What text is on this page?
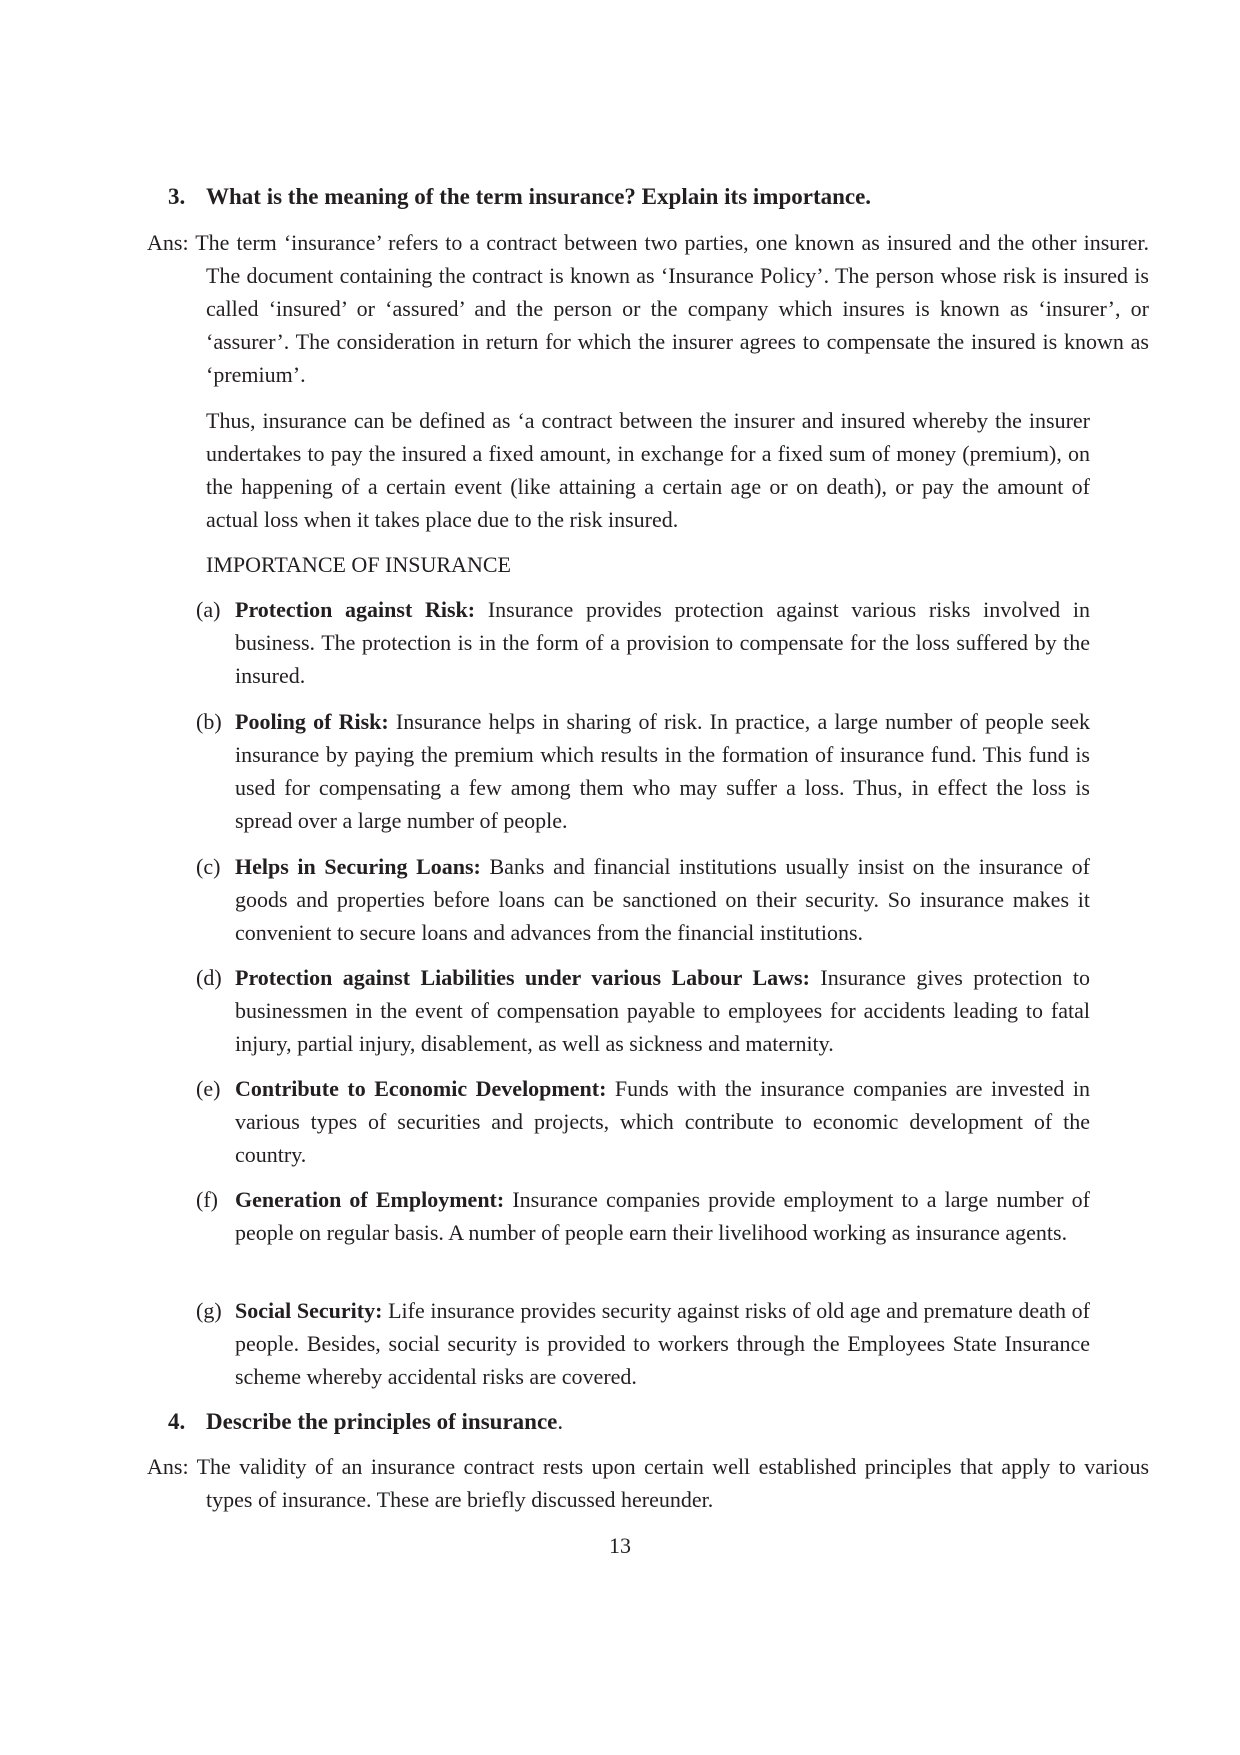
3. What is the meaning of the term insurance? Explain its importance.
Ans: The term ‘insurance’ refers to a contract between two parties, one known as insured and the other insurer. The document containing the contract is known as ‘Insurance Policy’. The person whose risk is insured is called ‘insured’ or ‘assured’ and the person or the company which insures is known as ‘insurer’, or ‘assurer’. The consideration in return for which the insurer agrees to compensate the insured is known as ‘premium’.
Thus, insurance can be defined as ‘a contract between the insurer and insured whereby the insurer undertakes to pay the insured a fixed amount, in exchange for a fixed sum of money (premium), on the happening of a certain event (like attaining a certain age or on death), or pay the amount of actual loss when it takes place due to the risk insured.
IMPORTANCE OF INSURANCE
(a) Protection against Risk: Insurance provides protection against various risks involved in business. The protection is in the form of a provision to compensate for the loss suffered by the insured.
(b) Pooling of Risk: Insurance helps in sharing of risk. In practice, a large number of people seek insurance by paying the premium which results in the formation of insurance fund. This fund is used for compensating a few among them who may suffer a loss. Thus, in effect the loss is spread over a large number of people.
(c) Helps in Securing Loans: Banks and financial institutions usually insist on the insurance of goods and properties before loans can be sanctioned on their security. So insurance makes it convenient to secure loans and advances from the financial institutions.
(d) Protection against Liabilities under various Labour Laws: Insurance gives protection to businessmen in the event of compensation payable to employees for accidents leading to fatal injury, partial injury, disablement, as well as sickness and maternity.
(e) Contribute to Economic Development: Funds with the insurance companies are invested in various types of securities and projects, which contribute to economic development of the country.
(f) Generation of Employment: Insurance companies provide employment to a large number of people on regular basis. A number of people earn their livelihood working as insurance agents.
(g) Social Security: Life insurance provides security against risks of old age and premature death of people. Besides, social security is provided to workers through the Employees State Insurance scheme whereby accidental risks are covered.
4. Describe the principles of insurance.
Ans: The validity of an insurance contract rests upon certain well established principles that apply to various types of insurance. These are briefly discussed hereunder.
13
